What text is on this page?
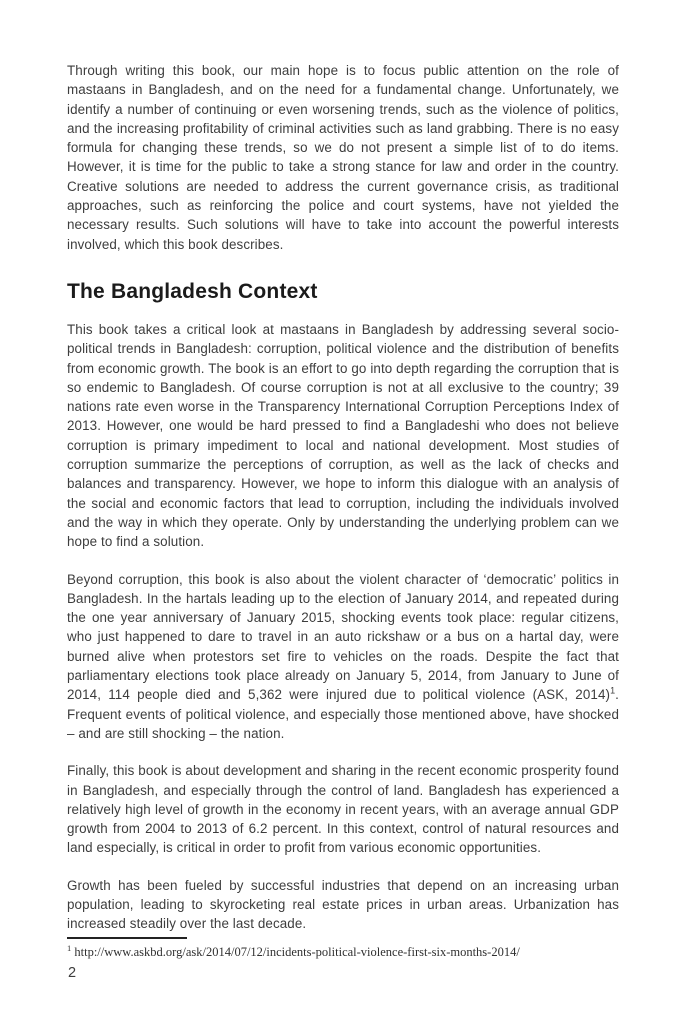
Through writing this book, our main hope is to focus public attention on the role of mastaans in Bangladesh, and on the need for a fundamental change. Unfortunately, we identify a number of continuing or even worsening trends, such as the violence of politics, and the increasing profitability of criminal activities such as land grabbing. There is no easy formula for changing these trends, so we do not present a simple list of to do items. However, it is time for the public to take a strong stance for law and order in the country. Creative solutions are needed to address the current governance crisis, as traditional approaches, such as reinforcing the police and court systems, have not yielded the necessary results. Such solutions will have to take into account the powerful interests involved, which this book describes.

The Bangladesh Context

This book takes a critical look at mastaans in Bangladesh by addressing several socio-political trends in Bangladesh: corruption, political violence and the distribution of benefits from economic growth. The book is an effort to go into depth regarding the corruption that is so endemic to Bangladesh. Of course corruption is not at all exclusive to the country; 39 nations rate even worse in the Transparency International Corruption Perceptions Index of 2013. However, one would be hard pressed to find a Bangladeshi who does not believe corruption is primary impediment to local and national development. Most studies of corruption summarize the perceptions of corruption, as well as the lack of checks and balances and transparency. However, we hope to inform this dialogue with an analysis of the social and economic factors that lead to corruption, including the individuals involved and the way in which they operate. Only by understanding the underlying problem can we hope to find a solution.

Beyond corruption, this book is also about the violent character of ‘democratic’ politics in Bangladesh. In the hartals leading up to the election of January 2014, and repeated during the one year anniversary of January 2015, shocking events took place: regular citizens, who just happened to dare to travel in an auto rickshaw or a bus on a hartal day, were burned alive when protestors set fire to vehicles on the roads. Despite the fact that parliamentary elections took place already on January 5, 2014, from January to June of 2014, 114 people died and 5,362 were injured due to political violence (ASK, 2014)$^1$. Frequent events of political violence, and especially those mentioned above, have shocked – and are still shocking – the nation.

Finally, this book is about development and sharing in the recent economic prosperity found in Bangladesh, and especially through the control of land. Bangladesh has experienced a relatively high level of growth in the economy in recent years, with an average annual GDP growth from 2004 to 2013 of 6.2 percent. In this context, control of natural resources and land especially, is critical in order to profit from various economic opportunities.

Growth has been fueled by successful industries that depend on an increasing urban population, leading to skyrocketing real estate prices in urban areas. Urbanization has increased steadily over the last decade.

$^1$ http://www.askbd.org/ask/2014/07/12/incidents-political-violence-first-six-months-2014/

2
